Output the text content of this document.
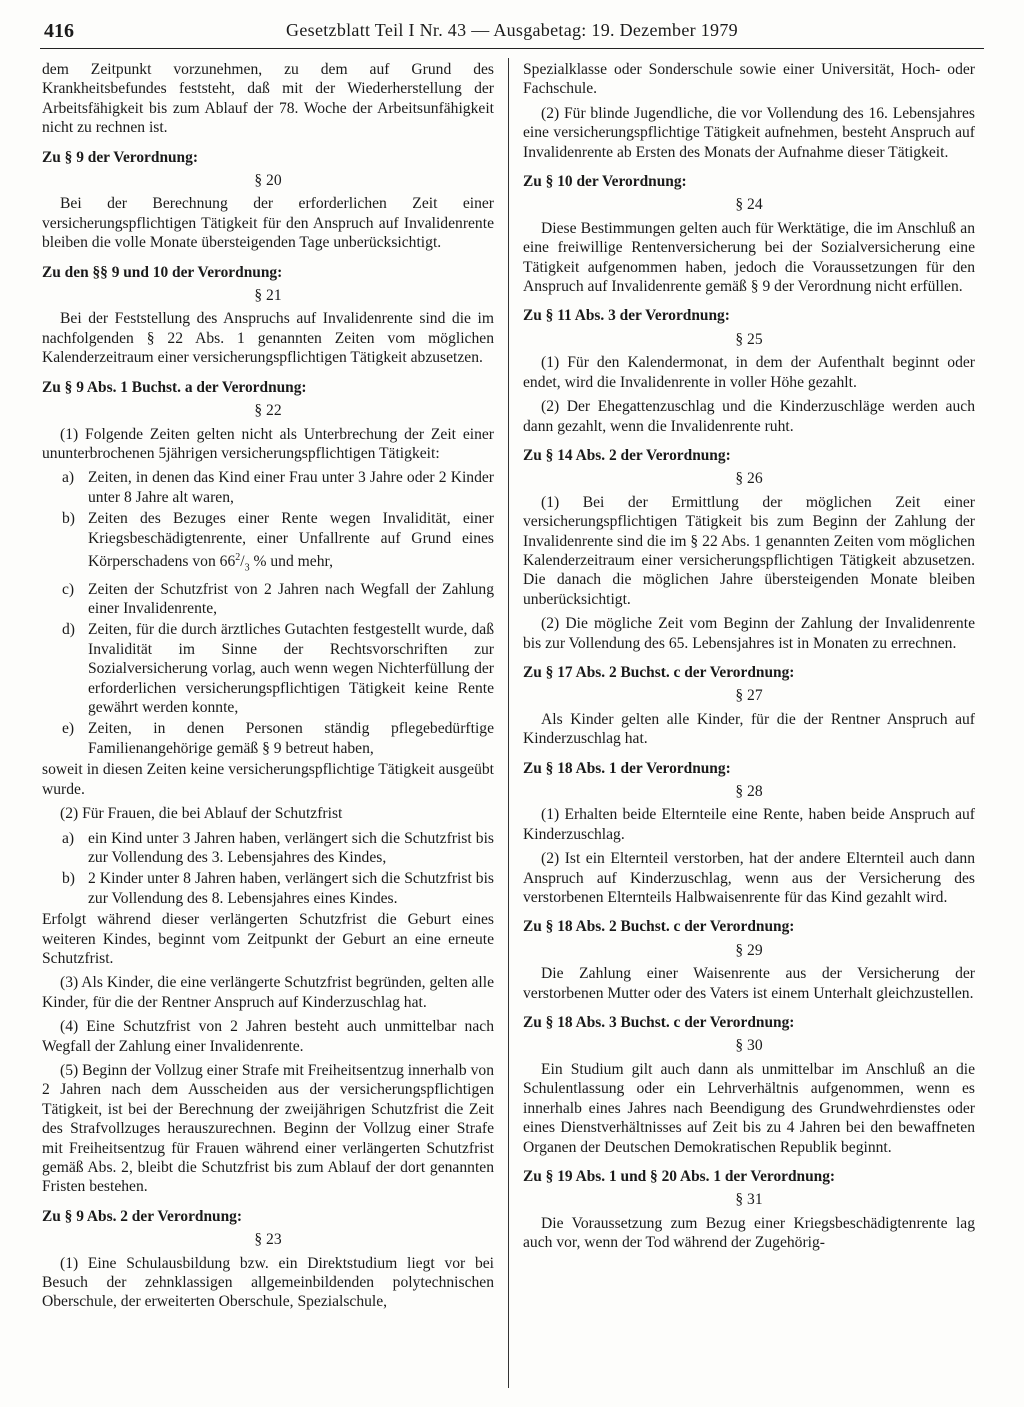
416	Gesetzblatt Teil I Nr. 43 — Ausgabetag: 19. Dezember 1979

dem Zeitpunkt vorzunehmen, zu dem auf Grund des Krankheitsbefundes feststeht, daß mit der Wiederherstellung der Arbeitsfähigkeit bis zum Ablauf der 78. Woche der Arbeitsunfähigkeit nicht zu rechnen ist.

Zu § 9 der Verordnung:

§ 20

Bei der Berechnung der erforderlichen Zeit einer versicherungspflichtigen Tätigkeit für den Anspruch auf Invalidenrente bleiben die volle Monate übersteigenden Tage unberücksichtigt.

Zu den §§ 9 und 10 der Verordnung:

§ 21

Bei der Feststellung des Anspruchs auf Invalidenrente sind die im nachfolgenden § 22 Abs. 1 genannten Zeiten vom möglichen Kalenderzeitraum einer versicherungspflichtigen Tätigkeit abzusetzen.

Zu § 9 Abs. 1 Buchst. a der Verordnung:

§ 22

(1) Folgende Zeiten gelten nicht als Unterbrechung der Zeit einer ununterbrochenen 5jährigen versicherungspflichtigen Tätigkeit:

a) Zeiten, in denen das Kind einer Frau unter 3 Jahre oder 2 Kinder unter 8 Jahre alt waren,

b) Zeiten des Bezuges einer Rente wegen Invalidität, einer Kriegsbeschädigtenrente, einer Unfallrente auf Grund eines Körperschadens von $66^2/_3$ % und mehr,

c) Zeiten der Schutzfrist von 2 Jahren nach Wegfall der Zahlung einer Invalidenrente,

d) Zeiten, für die durch ärztliches Gutachten festgestellt wurde, daß Invalidität im Sinne der Rechtsvorschriften zur Sozialversicherung vorlag, auch wenn wegen Nichterfüllung der erforderlichen versicherungspflichtigen Tätigkeit keine Rente gewährt werden konnte,

e) Zeiten, in denen Personen ständig pflegebedürftige Familienangehörige gemäß § 9 betreut haben,

soweit in diesen Zeiten keine versicherungspflichtige Tätigkeit ausgeübt wurde.

(2) Für Frauen, die bei Ablauf der Schutzfrist

a) ein Kind unter 3 Jahren haben, verlängert sich die Schutzfrist bis zur Vollendung des 3. Lebensjahres des Kindes,

b) 2 Kinder unter 8 Jahren haben, verlängert sich die Schutzfrist bis zur Vollendung des 8. Lebensjahres eines Kindes.

Erfolgt während dieser verlängerten Schutzfrist die Geburt eines weiteren Kindes, beginnt vom Zeitpunkt der Geburt an eine erneute Schutzfrist.

(3) Als Kinder, die eine verlängerte Schutzfrist begründen, gelten alle Kinder, für die der Rentner Anspruch auf Kinderzuschlag hat.

(4) Eine Schutzfrist von 2 Jahren besteht auch unmittelbar nach Wegfall der Zahlung einer Invalidenrente.

(5) Beginn der Vollzug einer Strafe mit Freiheitsentzug innerhalb von 2 Jahren nach dem Ausscheiden aus der versicherungspflichtigen Tätigkeit, ist bei der Berechnung der zweijährigen Schutzfrist die Zeit des Strafvollzuges herauszurechnen. Beginn der Vollzug einer Strafe mit Freiheitsentzug für Frauen während einer verlängerten Schutzfrist gemäß Abs. 2, bleibt die Schutzfrist bis zum Ablauf der dort genannten Fristen bestehen.

Zu § 9 Abs. 2 der Verordnung:

§ 23

(1) Eine Schulausbildung bzw. ein Direktstudium liegt vor bei Besuch der zehnklassigen allgemeinbildenden polytechnischen Oberschule, der erweiterten Oberschule, Spezialschule,

Spezialklasse oder Sonderschule sowie einer Universität, Hoch- oder Fachschule.

(2) Für blinde Jugendliche, die vor Vollendung des 16. Lebensjahres eine versicherungspflichtige Tätigkeit aufnehmen, besteht Anspruch auf Invalidenrente ab Ersten des Monats der Aufnahme dieser Tätigkeit.

Zu § 10 der Verordnung:

§ 24

Diese Bestimmungen gelten auch für Werktätige, die im Anschluß an eine freiwillige Rentenversicherung bei der Sozialversicherung eine Tätigkeit aufgenommen haben, jedoch die Voraussetzungen für den Anspruch auf Invalidenrente gemäß § 9 der Verordnung nicht erfüllen.

Zu § 11 Abs. 3 der Verordnung:

§ 25

(1) Für den Kalendermonat, in dem der Aufenthalt beginnt oder endet, wird die Invalidenrente in voller Höhe gezahlt.

(2) Der Ehegattenzuschlag und die Kinderzuschläge werden auch dann gezahlt, wenn die Invalidenrente ruht.

Zu § 14 Abs. 2 der Verordnung:

§ 26

(1) Bei der Ermittlung der möglichen Zeit einer versicherungspflichtigen Tätigkeit bis zum Beginn der Zahlung der Invalidenrente sind die im § 22 Abs. 1 genannten Zeiten vom möglichen Kalenderzeitraum einer versicherungspflichtigen Tätigkeit abzusetzen. Die danach die möglichen Jahre übersteigenden Monate bleiben unberücksichtigt.

(2) Die mögliche Zeit vom Beginn der Zahlung der Invalidenrente bis zur Vollendung des 65. Lebensjahres ist in Monaten zu errechnen.

Zu § 17 Abs. 2 Buchst. c der Verordnung:

§ 27

Als Kinder gelten alle Kinder, für die der Rentner Anspruch auf Kinderzuschlag hat.

Zu § 18 Abs. 1 der Verordnung:

§ 28

(1) Erhalten beide Elternteile eine Rente, haben beide Anspruch auf Kinderzuschlag.

(2) Ist ein Elternteil verstorben, hat der andere Elternteil auch dann Anspruch auf Kinderzuschlag, wenn aus der Versicherung des verstorbenen Elternteils Halbwaisenrente für das Kind gezahlt wird.

Zu § 18 Abs. 2 Buchst. c der Verordnung:

§ 29

Die Zahlung einer Waisenrente aus der Versicherung der verstorbenen Mutter oder des Vaters ist einem Unterhalt gleichzustellen.

Zu § 18 Abs. 3 Buchst. c der Verordnung:

§ 30

Ein Studium gilt auch dann als unmittelbar im Anschluß an die Schulentlassung oder ein Lehrverhältnis aufgenommen, wenn es innerhalb eines Jahres nach Beendigung des Grundwehrdienstes oder eines Dienstverhältnisses auf Zeit bis zu 4 Jahren bei den bewaffneten Organen der Deutschen Demokratischen Republik beginnt.

Zu § 19 Abs. 1 und § 20 Abs. 1 der Verordnung:

§ 31

Die Voraussetzung zum Bezug einer Kriegsbeschädigtenrente lag auch vor, wenn der Tod während der Zugehörig-
